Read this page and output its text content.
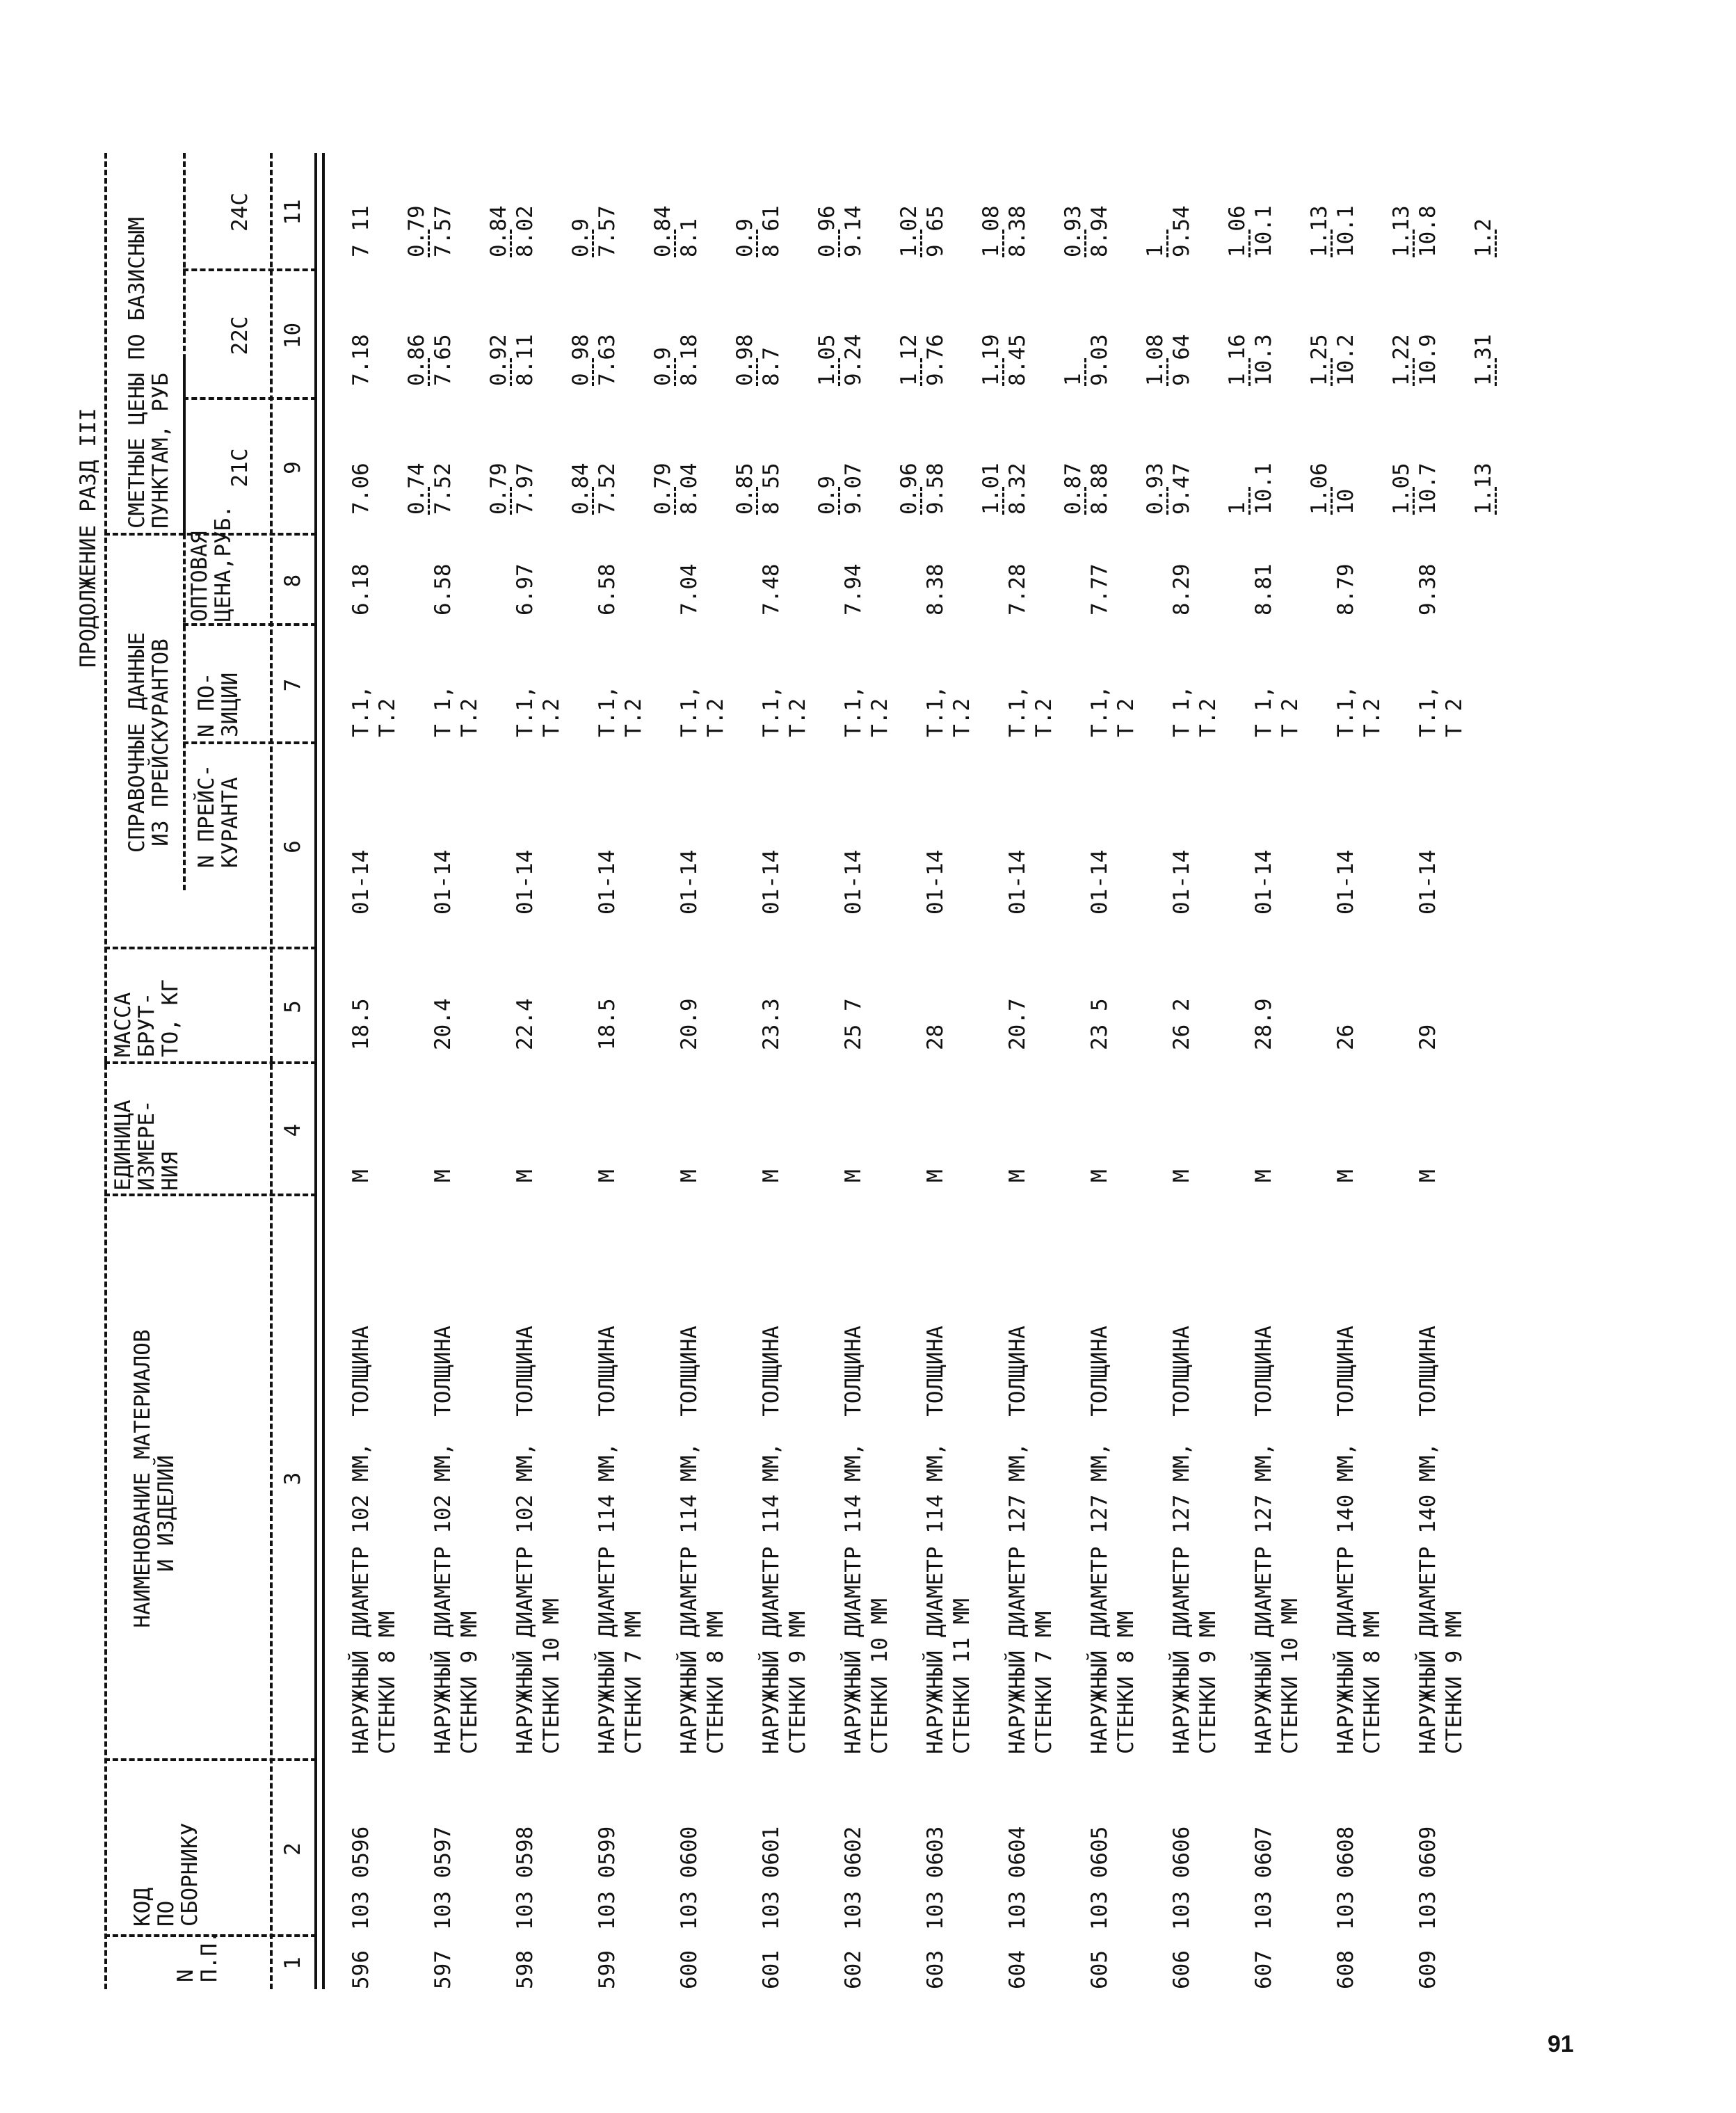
ПРОДОЛЖЕНИЕ РАЗД III
N
П.П.
КОД
ПО
СБОРНИКУ
НАИМЕНОВАНИЕ МАТЕРИАЛОВ
И ИЗДЕЛИЙ
ЕДИНИЦА
ИЗМЕРЕ-
НИЯ
МАССА
БРУТ-
ТО, КГ
СПРАВОЧНЫЕ ДАННЫЕ
ИЗ ПРЕЙСКУРАНТОВ N ПРЕЙС-
КУРАНТА
N ПО-
ЗИЦИИ
ОПТОВАЯ
ЦЕНА,РУБ.
СМЕТНЫЕ ЦЕНЫ ПО БАЗИСНЫМ
ПУНКТАМ, РУБ	21С
22С
24С
1
2
3
4
5
6
7
8
9
10
11
596
103 0596
НАРУЖНЫЙ ДИАМЕТР 102 ММ,  ТОЛЩИНА
М
18.5
01-14
Т.1,
6.18
СТЕНКИ 8 ММ
Т.2
7.06
7.18
7 11
597
103 0597
НАРУЖНЫЙ ДИАМЕТР 102 ММ,  ТОЛЩИНА
М
20.4
01-14
Т 1,
6.58
СТЕНКИ 9 ММ
Т.2
0.74 7.52
0.86 7.65
0.79 7.57
598
103 0598
НАРУЖНЫЙ ДИАМЕТР 102 ММ,  ТОЛЩИНА
М
22.4
01-14
Т.1,
6.97
СТЕНКИ 10 ММ
Т.2
0.79 7.97
0.92 8.11
0.84 8.02
599
103 0599
НАРУЖНЫЙ ДИАМЕТР 114 ММ,  ТОЛЩИНА
М
18.5
01-14
Т.1,
6.58
СТЕНКИ 7 ММ
Т.2
0.84 7.52
0 98 7.63
0.9 7.57
600
103 0600
НАРУЖНЫЙ ДИАМЕТР 114 ММ,  ТОЛЩИНА
М
20.9
01-14
Т.1,
7.04
СТЕНКИ 8 ММ
Т.2
0.79 8.04
0.9 8.18
0.84 8.1
601
103 0601
НАРУЖНЫЙ ДИАМЕТР 114 ММ,  ТОЛЩИНА
М
23.3
01-14
Т.1,
7.48
СТЕНКИ 9 ММ
Т.2
0.85 8 55
0.98 8.7
0.9 8 61
602
103 0602
НАРУЖНЫЙ ДИАМЕТР 114 ММ,  ТОЛЩИНА
М
25 7
01-14
Т.1,
7.94
СТЕНКИ 10 ММ
Т.2
0.9 9.07
1.05 9.24
0 96 9.14
603
103 0603
НАРУЖНЫЙ ДИАМЕТР 114 ММ,  ТОЛЩИНА
М
28
01-14
Т.1,
8.38
СТЕНКИ 11 ММ
Т.2
0.96 9.58
1 12 9.76
1.02 9 65
604
103 0604
НАРУЖНЫЙ ДИАМЕТР 127 ММ,  ТОЛЩИНА
М
20.7
01-14
Т.1,
7.28
СТЕНКИ 7 ММ
Т.2
1.01 8.32
1.19 8.45
1 08 8.38
605
103 0605
НАРУЖНЫЙ ДИАМЕТР 127 ММ,  ТОЛЩИНА
М
23 5
01-14
Т.1,
7.77
СТЕНКИ 8 ММ
Т 2
0.87 8.88
1 9.03
0.93 8.94
606
103 0606
НАРУЖНЫЙ ДИАМЕТР 127 ММ,  ТОЛЩИНА
М
26 2
01-14
Т 1,
8.29
СТЕНКИ 9 ММ
Т.2
0.93 9.47
1.08 9 64
1 9.54
607
103 0607
НАРУЖНЫЙ ДИАМЕТР 127 ММ,  ТОЛЩИНА
М
28.9
01-14
Т 1,
8.81
СТЕНКИ 10 ММ
Т 2
1 10.1
1 16 10.3
1 06 10.1
608
103 0608
НАРУЖНЫЙ ДИАМЕТР 140 ММ,  ТОЛЩИНА
М
26
01-14
Т.1,
8.79
СТЕНКИ 8 ММ
Т.2
1.06 10
1.25 10.2
1.13 10.1
609
103 0609
НАРУЖНЫЙ ДИАМЕТР 140 ММ,  ТОЛЩИНА
М
29
01-14
Т.1,
9.38
СТЕНКИ 9 ММ
Т 2
1.05 10.7
1.22 10.9
1.13 10.8
1.13
1.31
1.2
91
